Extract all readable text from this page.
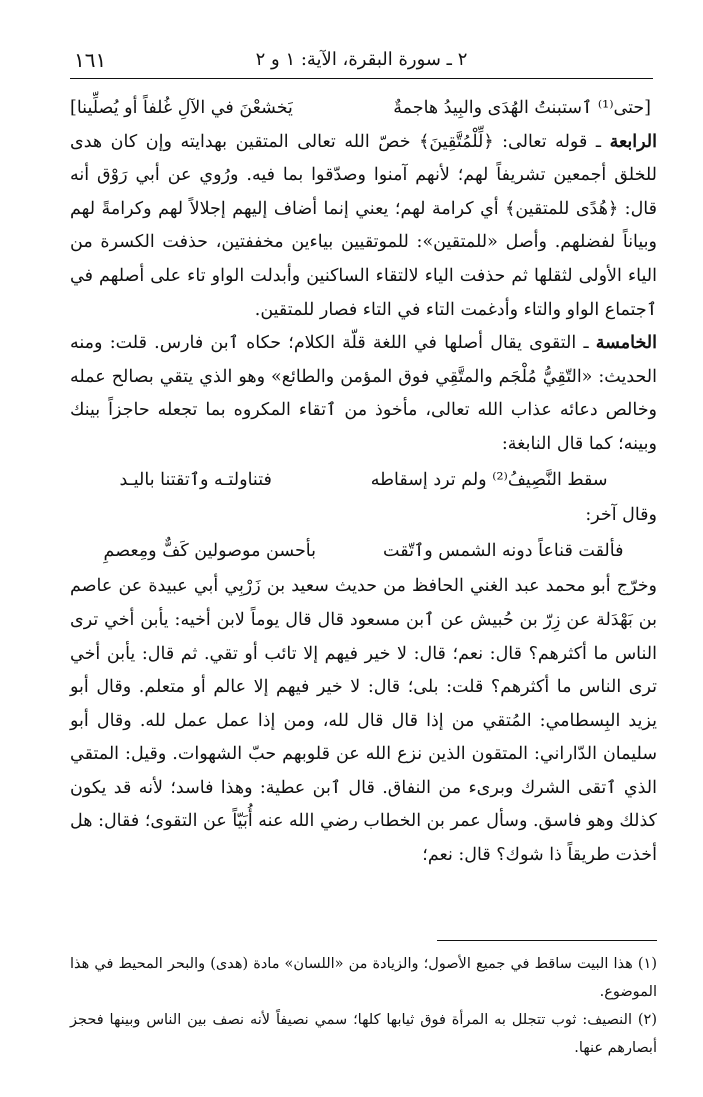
١٦١	٢ ـ سورة البقرة، الآية: ١ و ٢
[حتى⁽¹⁾ ٱستبنتُ الهُدَى والبِيدُ هاجمةٌ
يَخشعْنَ في الآلِ غُلفاً أو يُصلِّينا]

الرابعة ـ قوله تعالى: ﴿لِّلْمُتَّقِينَ﴾ خصّ الله تعالى المتقين بهدايته وإن كان هدى للخلق أجمعين تشريفاً لهم؛ لأنهم آمنوا وصدّقوا بما فيه. ورُوي عن أبي رَوْق أنه قال: ﴿هُدًى للمتقين﴾ أي كرامة لهم؛ يعني إنما أضاف إليهم إجلالاً لهم وكرامةً لهم وبياناً لفضلهم. وأصل «للمتقين»: للموتقيين بياءين مخففتين، حذفت الكسرة من الياء الأولى لثقلها ثم حذفت الياء لالتقاء الساكنين وأبدلت الواو تاء على أصلهم في ٱجتماع الواو والتاء وأدغمت التاء في التاء فصار للمتقين.

الخامسة ـ التقوى يقال أصلها في اللغة قلّة الكلام؛ حكاه ٱبن فارس. قلت: ومنه الحديث: «التّقِيُّ مُلْجَم والمتَّقِي فوق المؤمن والطائع» وهو الذي يتقي بصالح عمله وخالص دعائه عذاب الله تعالى، مأخوذ من ٱتقاء المكروه بما تجعله حاجزاً بينك وبينه؛ كما قال النابغة:

سقط النَّصِيفُ⁽²⁾ ولم ترد إسقاطه
فتناولتـه وٱتقتنا باليـد

وقال آخر:

فألقت قناعاً دونه الشمس وٱتّقت
بأحسن موصولين كَفٌّ ومِعصمِ

وخرّج أبو محمد عبد الغني الحافظ من حديث سعيد بن زَرْبِي أبي عبيدة عن عاصم بن بَهْدَلة عن زِرّ بن حُبيش عن ٱبن مسعود قال قال يوماً لابن أخيه: يأبن أخي ترى الناس ما أكثرهم؟ قال: نعم؛ قال: لا خير فيهم إلا تائب أو تقي. ثم قال: يأبن أخي ترى الناس ما أكثرهم؟ قلت: بلى؛ قال: لا خير فيهم إلا عالم أو متعلم. وقال أبو يزيد البِسطامي: المُتقي من إذا قال قال لله، ومن إذا عمل عمل لله. وقال أبو سليمان الدّاراني: المتقون الذين نزع الله عن قلوبهم حبّ الشهوات. وقيل: المتقي الذي ٱتقى الشرك وبرىء من النفاق. قال ٱبن عطية: وهذا فاسد؛ لأنه قد يكون كذلك وهو فاسق. وسأل عمر بن الخطاب رضي الله عنه أُبَيّاً عن التقوى؛ فقال: هل أخذت طريقاً ذا شوك؟ قال: نعم؛

(١) هذا البيت ساقط في جميع الأصول؛ والزيادة من «اللسان» مادة (هدى) والبحر المحيط في هذا الموضوع.

(٢) النصيف: ثوب تتجلل به المرأة فوق ثيابها كلها؛ سمي نصيفاً لأنه نصف بين الناس وبينها فحجز أبصارهم عنها.
